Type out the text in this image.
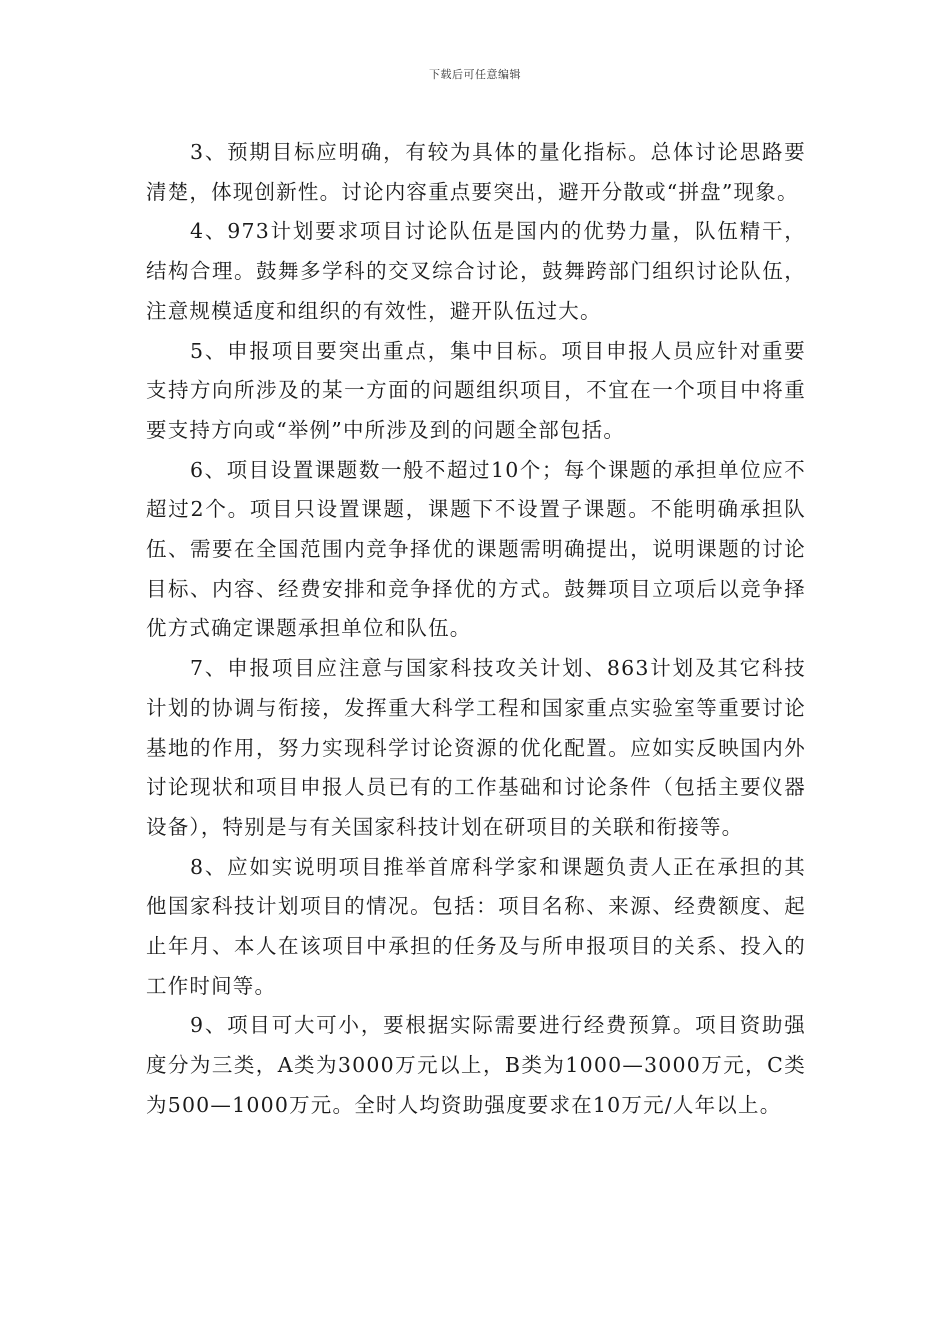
下载后可任意编辑

3、预期目标应明确，有较为具体的量化指标。总体讨论思路要清楚，体现创新性。讨论内容重点要突出，避开分散或“拼盘”现象。

4、973计划要求项目讨论队伍是国内的优势力量，队伍精干，结构合理。鼓舞多学科的交叉综合讨论，鼓舞跨部门组织讨论队伍，注意规模适度和组织的有效性，避开队伍过大。

5、申报项目要突出重点，集中目标。项目申报人员应针对重要支持方向所涉及的某一方面的问题组织项目，不宜在一个项目中将重要支持方向或“举例”中所涉及到的问题全部包括。

6、项目设置课题数一般不超过10个；每个课题的承担单位应不超过2个。项目只设置课题，课题下不设置子课题。不能明确承担队伍、需要在全国范围内竞争择优的课题需明确提出，说明课题的讨论目标、内容、经费安排和竞争择优的方式。鼓舞项目立项后以竞争择优方式确定课题承担单位和队伍。

7、申报项目应注意与国家科技攻关计划、863计划及其它科技计划的协调与衔接，发挥重大科学工程和国家重点实验室等重要讨论基地的作用，努力实现科学讨论资源的优化配置。应如实反映国内外讨论现状和项目申报人员已有的工作基础和讨论条件（包括主要仪器设备），特别是与有关国家科技计划在研项目的关联和衔接等。

8、应如实说明项目推举首席科学家和课题负责人正在承担的其他国家科技计划项目的情况。包括：项目名称、来源、经费额度、起止年月、本人在该项目中承担的任务及与所申报项目的关系、投入的工作时间等。

9、项目可大可小，要根据实际需要进行经费预算。项目资助强度分为三类，A类为3000万元以上，B类为1000—3000万元，C类为500—1000万元。全时人均资助强度要求在10万元/人年以上。
